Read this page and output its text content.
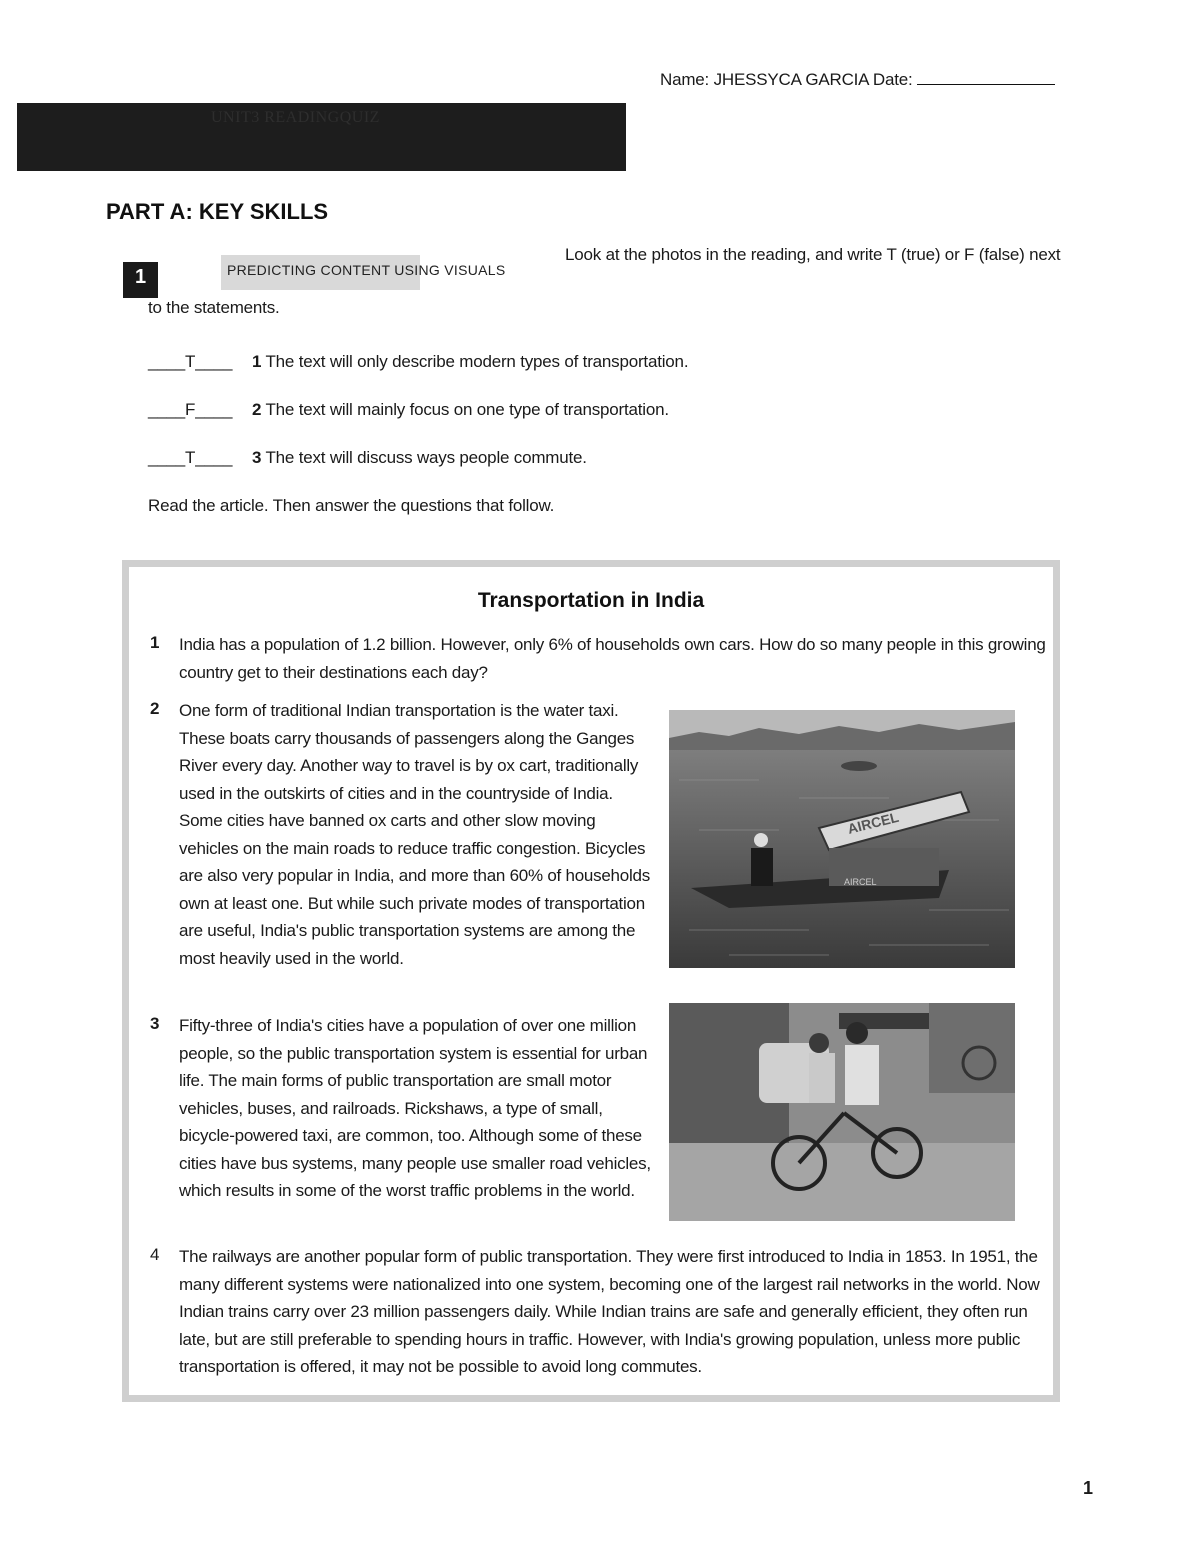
Name: JHESSYCA GARCIA Date:
UNIT3 READINGQUIZ
PART A: KEY SKILLS
1	PREDICTING CONTENT USING VISUALS
Look at the photos in the reading, and write T (true) or F (false) next
to the statements.
____T____ 1 The text will only describe modern types of transportation.
____F____ 2 The text will mainly focus on one type of transportation.
____T____ 3 The text will discuss ways people commute.
Read the article. Then answer the questions that follow.
Transportation in India
1 India has a population of 1.2 billion. However, only 6% of households own cars. How do so many people in this growing country get to their destinations each day?
2 One form of traditional Indian transportation is the water taxi. These boats carry thousands of passengers along the Ganges River every day. Another way to travel is by ox cart, traditionally used in the outskirts of cities and in the countryside of India. Some cities have banned ox carts and other slow moving vehicles on the main roads to reduce traffic congestion. Bicycles are also very popular in India, and more than 60% of households own at least one. But while such private modes of transportation are useful, India's public transportation systems are among the most heavily used in the world.
AIRCEL
AIRCEL
3 Fifty-three of India's cities have a population of over one million people, so the public transportation system is essential for urban life. The main forms of public transportation are small motor vehicles, buses, and railroads. Rickshaws, a type of small, bicycle-powered taxi, are common, too. Although some of these cities have bus systems, many people use smaller road vehicles, which results in some of the worst traffic problems in the world.
4 The railways are another popular form of public transportation. They were first introduced to India in 1853. In 1951, the many different systems were nationalized into one system, becoming one of the largest rail networks in the world. Now Indian trains carry over 23 million passengers daily. While Indian trains are safe and generally efficient, they often run late, but are still preferable to spending hours in traffic. However, with India's growing population, unless more public transportation is offered, it may not be possible to avoid long commutes.
1
